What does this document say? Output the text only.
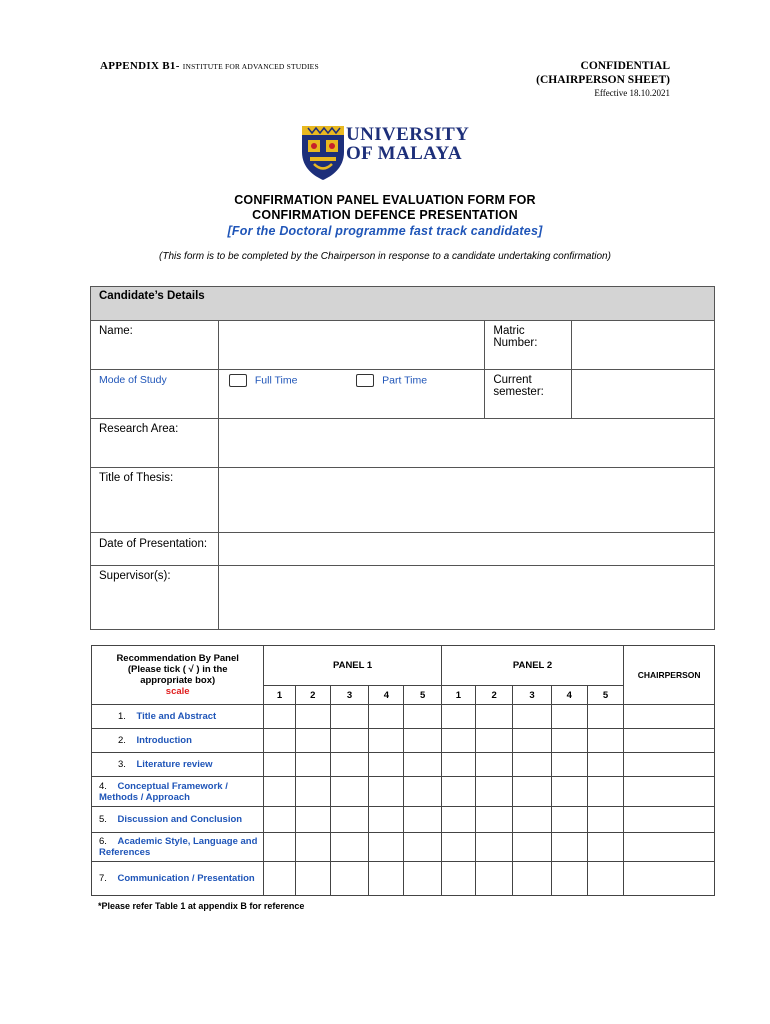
APPENDIX B1- INSTITUTE FOR ADVANCED STUDIES	CONFIDENTIAL
(CHAIRPERSON SHEET)
Effective 18.10.2021
UNIVERSITY
OF MALAYA
CONFIRMATION PANEL EVALUATION FORM FOR
CONFIRMATION DEFENCE PRESENTATION
[For the Doctoral programme fast track candidates]
(This form is to be completed by the Chairperson in response to a candidate undertaking confirmation)
Candidate’s Details				
Name:			Matric Number:	
Mode of Study	Full Time	Part Time	Current semester:	
Research Area:				
Title of Thesis:				
Date of Presentation:				
Supervisor(s):				
Recommendation By Panel
(Please tick ( √ ) in the
appropriate box)
scale	PANEL 1					PANEL 2					CHAIRPERSON
	1	2	3	4	5	1	2	3	4	5	
1. Title and Abstract											
2. Introduction											
3. Literature review											
4. Conceptual Framework / Methods / Approach											
5. Discussion and Conclusion											
6. Academic Style, Language and References											
7. Communication / Presentation											
*Please refer Table 1 at appendix B for reference
